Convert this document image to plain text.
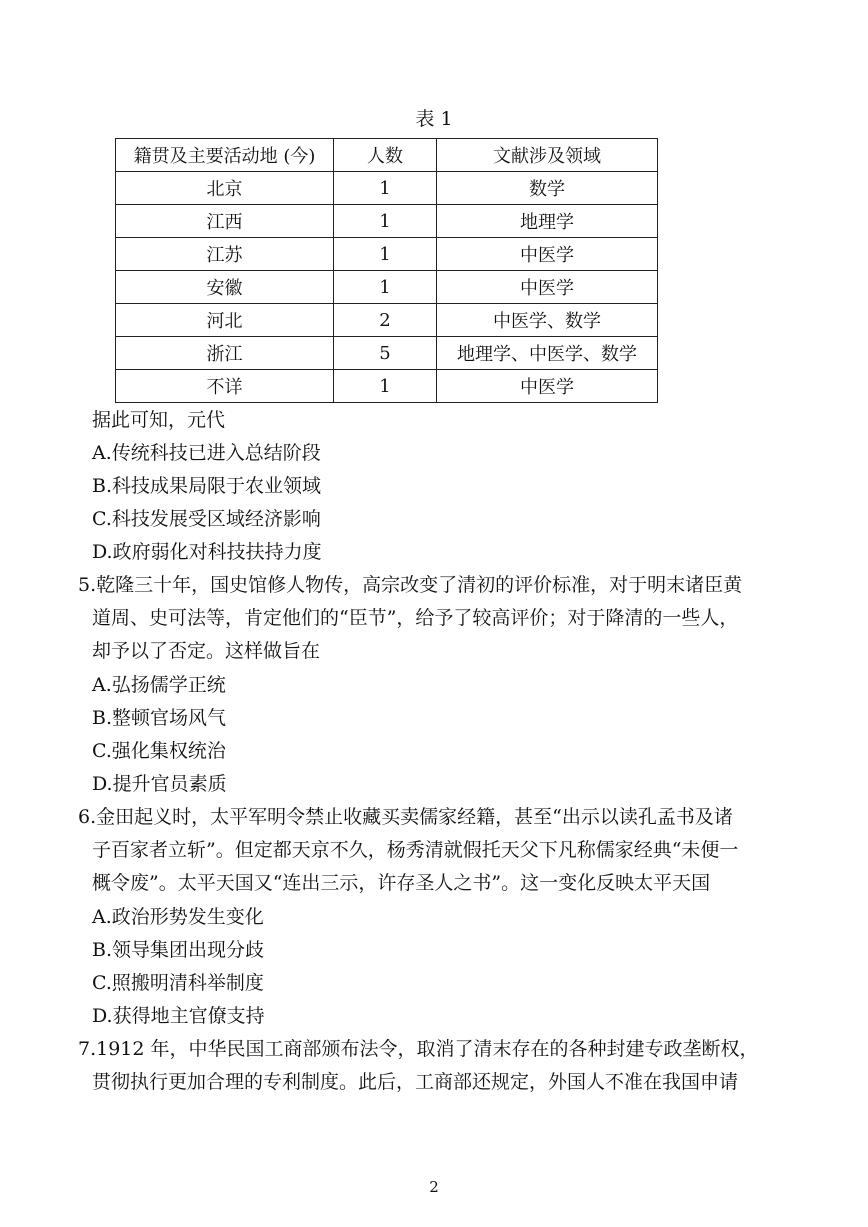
表 1
籍贯及主要活动地 (今)	人数	文献涉及领域
北京	1	数学
江西	1	地理学
江苏	1	中医学
安徽	1	中医学
河北	2	中医学、数学
浙江	5	地理学、中医学、数学
不详	1	中医学
据此可知，元代
A.传统科技已进入总结阶段
B.科技成果局限于农业领域
C.科技发展受区域经济影响
D.政府弱化对科技扶持力度
5.乾隆三十年，国史馆修人物传，高宗改变了清初的评价标准，对于明末诸臣黄
道周、史可法等，肯定他们的“臣节”，给予了较高评价；对于降清的一些人，
却予以了否定。这样做旨在
A.弘扬儒学正统
B.整顿官场风气
C.强化集权统治
D.提升官员素质
6.金田起义时，太平军明令禁止收藏买卖儒家经籍，甚至“出示以读孔孟书及诸
子百家者立斩”。但定都天京不久，杨秀清就假托天父下凡称儒家经典“未便一
概令废”。太平天国又“连出三示，许存圣人之书”。这一变化反映太平天国
A.政治形势发生变化
B.领导集团出现分歧
C.照搬明清科举制度
D.获得地主官僚支持
7.1912 年，中华民国工商部颁布法令，取消了清末存在的各种封建专政垄断权，
贯彻执行更加合理的专利制度。此后，工商部还规定，外国人不准在我国申请
2
